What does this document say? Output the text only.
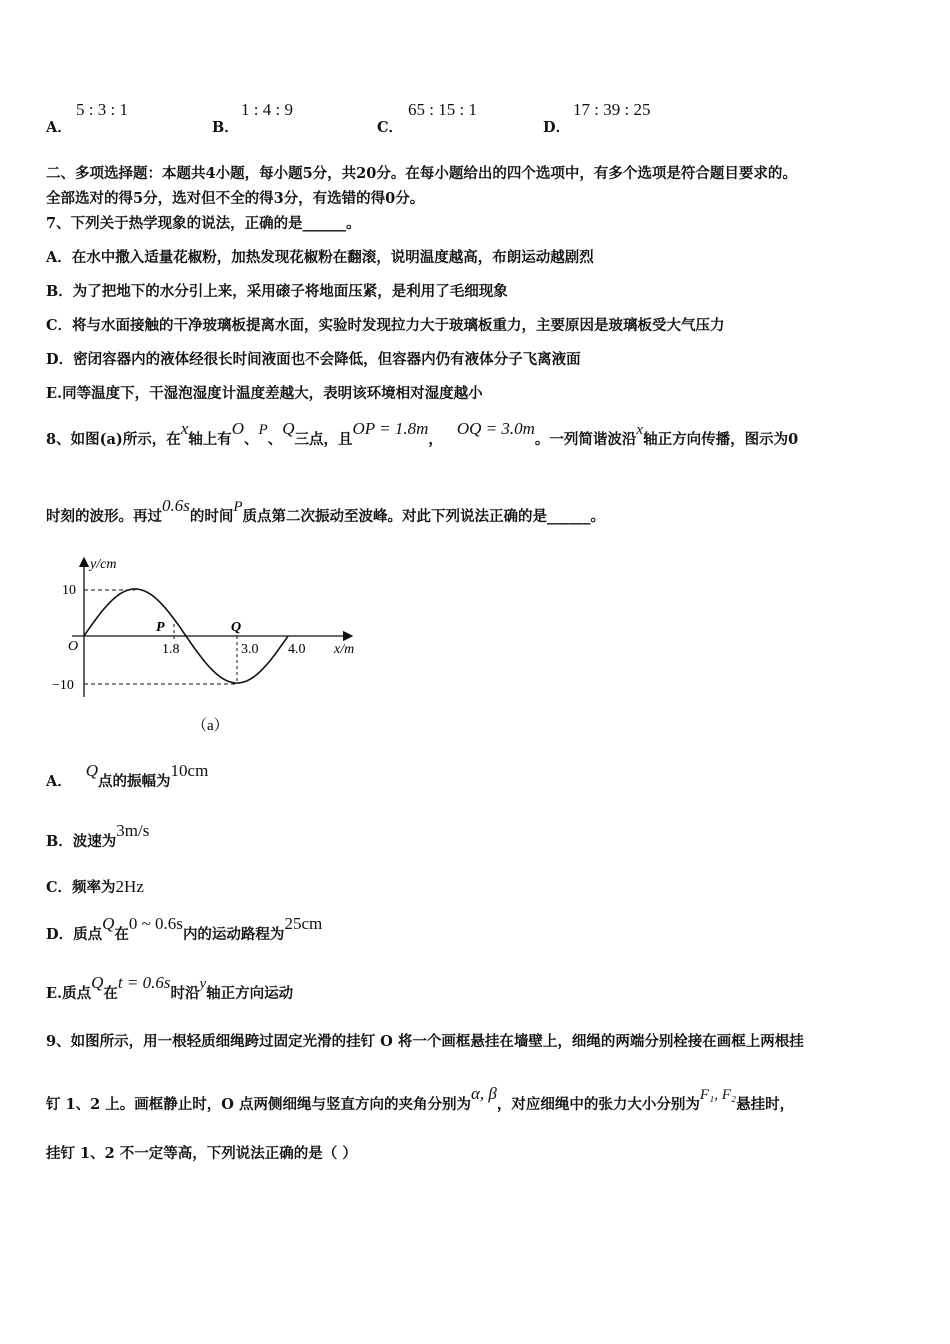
A．
5 : 3 : 1
B．
1 : 4 : 9
C．
65 : 15 : 1
D．
17 : 39 : 25
二、多项选择题：本题共4小题，每小题5分，共20分。在每小题给出的四个选项中，有多个选项是符合题目要求的。
全部选对的得5分，选对但不全的得3分，有选错的得0分。
7、下列关于热学现象的说法，正确的是______。
A．在水中撒入适量花椒粉，加热发现花椒粉在翻滚，说明温度越高，布朗运动越剧烈
B．为了把地下的水分引上来，采用磙子将地面压紧，是利用了毛细现象
C．将与水面接触的干净玻璃板提离水面，实验时发现拉力大于玻璃板重力，主要原因是玻璃板受大气压力
D．密闭容器内的液体经很长时间液面也不会降低，但容器内仍有液体分子飞离液面
E.同等温度下，干湿泡湿度计温度差越大，表明该环境相对湿度越小
8、如图(a)所示，在x轴上有O、P、Q三点，且OP = 1.8m，OQ = 3.0m。一列简谐波沿x轴正方向传播，图示为0
时刻的波形。再过0.6s的时间P质点第二次振动至波峰。对此下列说法正确的是______。
y/cm
10
−10
O
P	Q
1.8	3.0 4.0 x/m
（a）
A．Q点的振幅为10cm
B．波速为3m/s
C．频率为2Hz
D．质点Q在0 ~ 0.6s内的运动路程为25cm
E.质点Q在t = 0.6s时沿y轴正方向运动
9、如图所示，用一根轻质细绳跨过固定光滑的挂钉 O 将一个画框悬挂在墙壁上，细绳的两端分别栓接在画框上两根挂
钉 1、2 上。画框静止时，O 点两侧细绳与竖直方向的夹角分别为α, β，对应细绳中的张力大小分别为F₁, F₂悬挂时，
挂钉 1、2 不一定等高，下列说法正确的是（ ）
